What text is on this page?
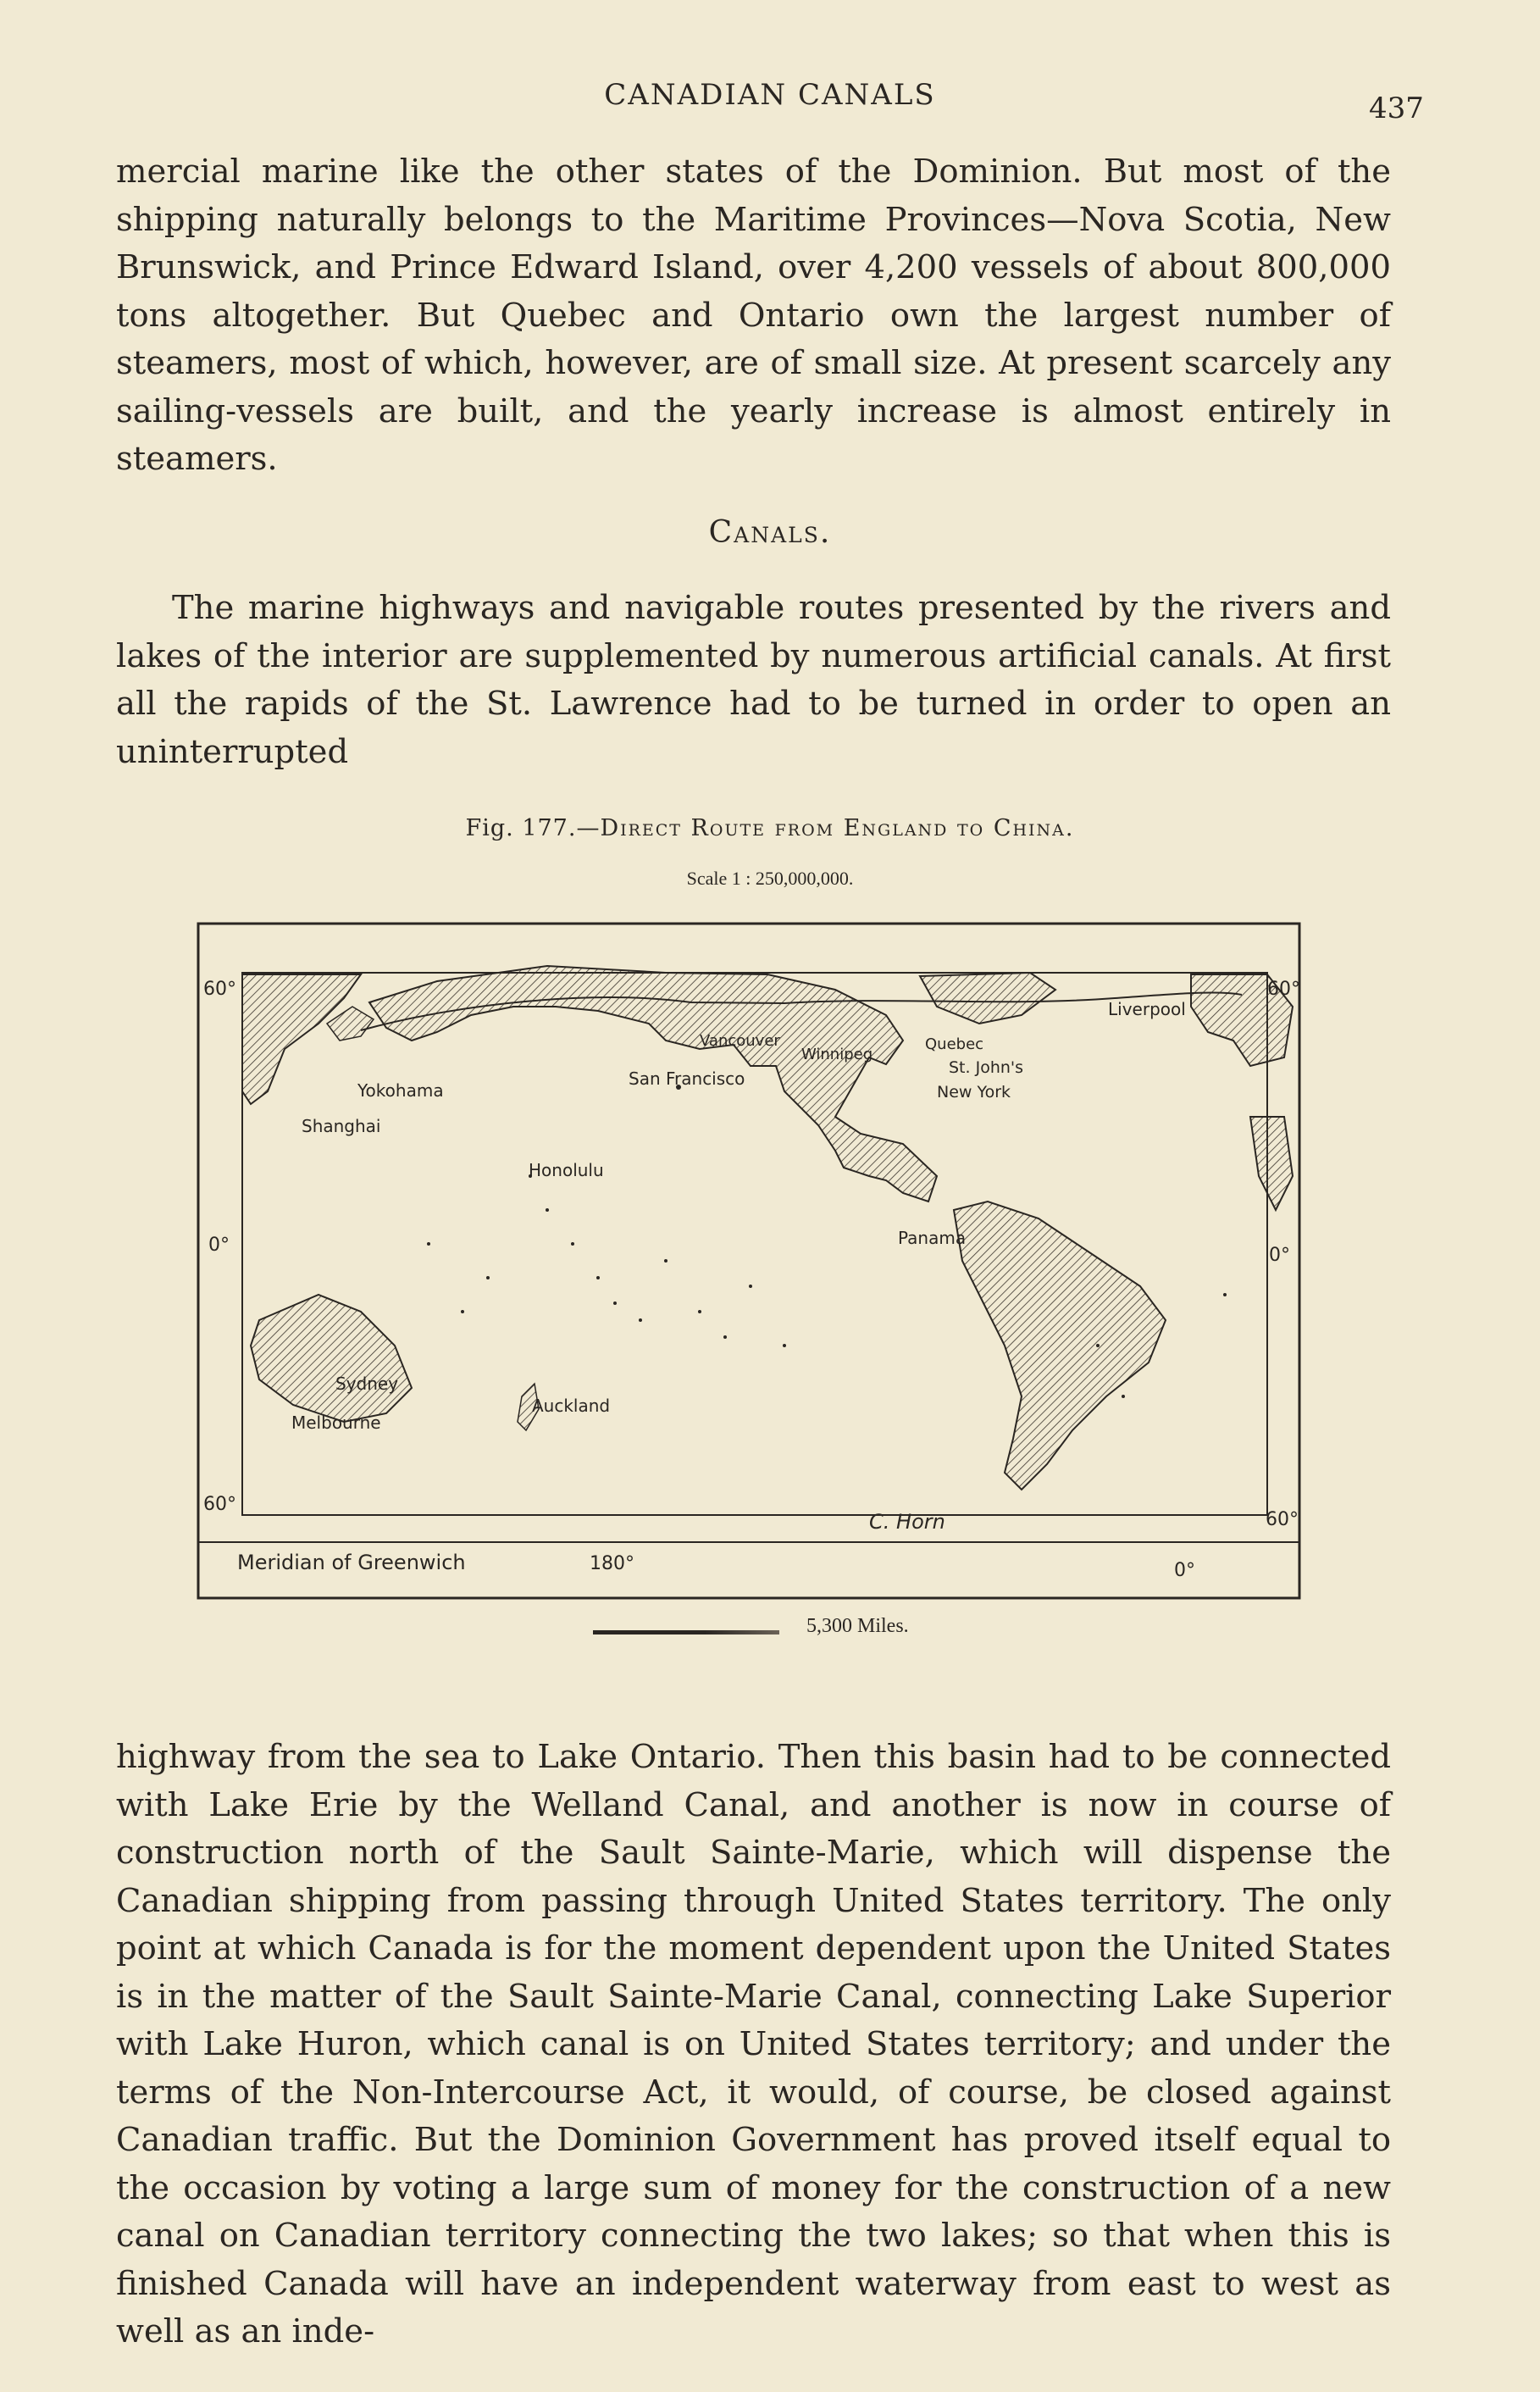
CANADIAN CANALS	437

mercial marine like the other states of the Dominion. But most of the shipping naturally belongs to the Maritime Provinces—Nova Scotia, New Brunswick, and Prince Edward Island, over 4,200 vessels of about 800,000 tons altogether. But Quebec and Ontario own the largest number of steamers, most of which, however, are of small size. At present scarcely any sailing-vessels are built, and the yearly increase is almost entirely in steamers.

Canals.

The marine highways and navigable routes presented by the rivers and lakes of the interior are supplemented by numerous artificial canals. At first all the rapids of the St. Lawrence had to be turned in order to open an uninterrupted

Fig. 177.—Direct Route from England to China.
Scale 1 : 250,000,000.
60°	60°
0°	0°
60°
60°
Meridian of Greenwich	180°	0°
Liverpool
Vancouver
Winnipeg
Quebec
St. John's
New York
San Francisco
Yokohama
Shanghai
Honolulu
Panama
Sydney
Melbourne
Auckland
C. Horn
5,300 Miles.

highway from the sea to Lake Ontario. Then this basin had to be connected with Lake Erie by the Welland Canal, and another is now in course of construction north of the Sault Sainte-Marie, which will dispense the Canadian shipping from passing through United States territory. The only point at which Canada is for the moment dependent upon the United States is in the matter of the Sault Sainte-Marie Canal, connecting Lake Superior with Lake Huron, which canal is on United States territory; and under the terms of the Non-Intercourse Act, it would, of course, be closed against Canadian traffic. But the Dominion Government has proved itself equal to the occasion by voting a large sum of money for the construction of a new canal on Canadian territory connecting the two lakes; so that when this is finished Canada will have an independent waterway from east to west as well as an inde-
